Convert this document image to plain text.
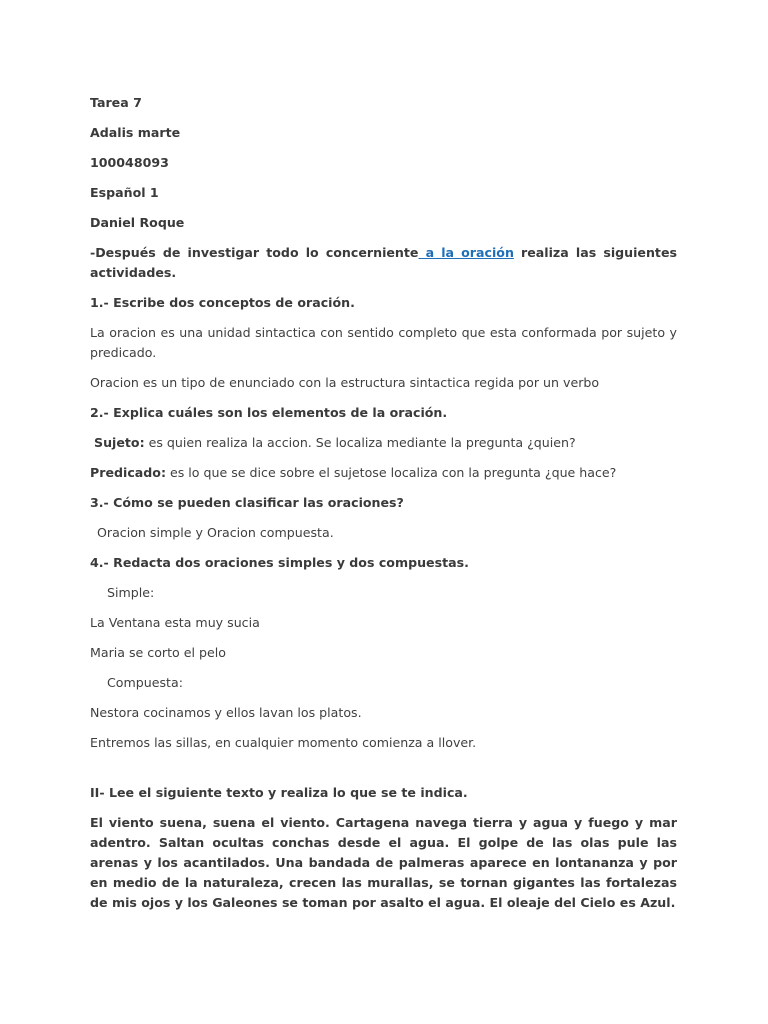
Tarea 7

Adalis marte

100048093

Español 1

Daniel Roque

-Después de investigar todo lo concerniente a la oración realiza las siguientes actividades.

1.- Escribe dos conceptos de oración.

La oracion es una unidad sintactica con sentido completo que esta conformada por sujeto y predicado.

Oracion es un tipo de enunciado con la estructura sintactica regida por un verbo

2.- Explica cuáles son los elementos de la oración.

Sujeto: es quien realiza la accion. Se localiza mediante la pregunta ¿quien?

Predicado: es lo que se dice sobre el sujetose localiza con la pregunta ¿que hace?

3.- Cómo se pueden clasificar las oraciones?

Oracion simple y Oracion compuesta.

4.- Redacta dos oraciones simples y dos compuestas.

Simple:

La Ventana esta muy sucia

Maria se corto el pelo

Compuesta:

Nestora cocinamos y ellos lavan los platos.

Entremos las sillas, en cualquier momento comienza a llover.

II- Lee el siguiente texto y realiza lo que se te indica.

El viento suena, suena el viento. Cartagena navega tierra y agua y fuego y mar adentro. Saltan ocultas conchas desde el agua. El golpe de las olas pule las arenas y los acantilados. Una bandada de palmeras aparece en lontananza y por en medio de la naturaleza, crecen las murallas, se tornan gigantes las fortalezas de mis ojos y los Galeones se toman por asalto el agua. El oleaje del Cielo es Azul.
